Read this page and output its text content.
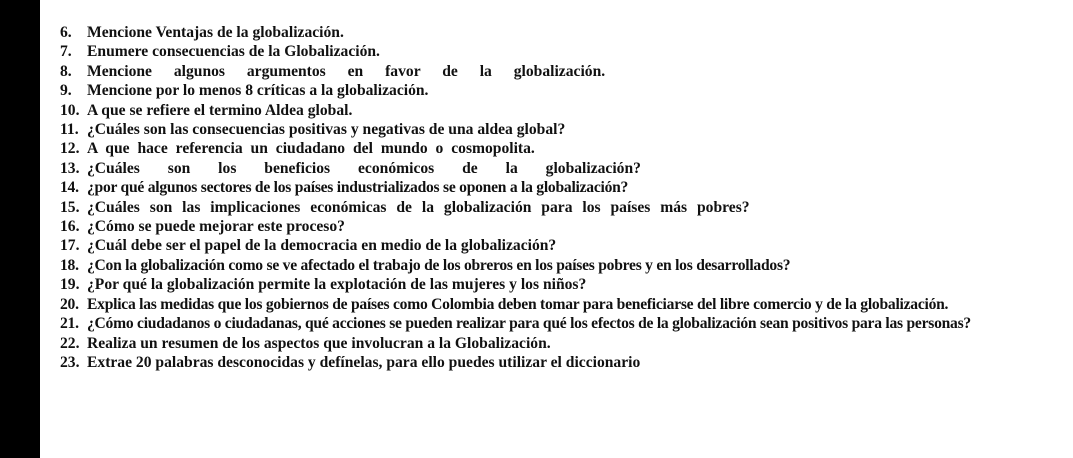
6. Mencione Ventajas de la globalización.
7. Enumere consecuencias de la Globalización.
8. Mencione algunos argumentos en favor de la globalización.
9. Mencione por lo menos 8 críticas a la globalización.
10. A que se refiere el termino Aldea global.
11. ¿Cuáles son las consecuencias positivas y negativas de una aldea global?
12. A que hace referencia un ciudadano del mundo o cosmopolita.
13. ¿Cuáles son los beneficios económicos de la globalización?
14. ¿por qué algunos sectores de los países industrializados se oponen a la globalización?
15. ¿Cuáles son las implicaciones económicas de la globalización para los países más pobres?
16. ¿Cómo se puede mejorar este proceso?
17. ¿Cuál debe ser el papel de la democracia en medio de la globalización?
18. ¿Con la globalización como se ve afectado el trabajo de los obreros en los países pobres y en los desarrollados?
19. ¿Por qué la globalización permite la explotación de las mujeres y los niños?
20. Explica las medidas que los gobiernos de países como Colombia deben tomar para beneficiarse del libre comercio y de la globalización.
21. ¿Cómo ciudadanos o ciudadanas, qué acciones se pueden realizar para qué los efectos de la globalización sean positivos para las personas?
22. Realiza un resumen de los aspectos que involucran a la Globalización.
23. Extrae 20 palabras desconocidas y defínelas, para ello puedes utilizar el diccionario
